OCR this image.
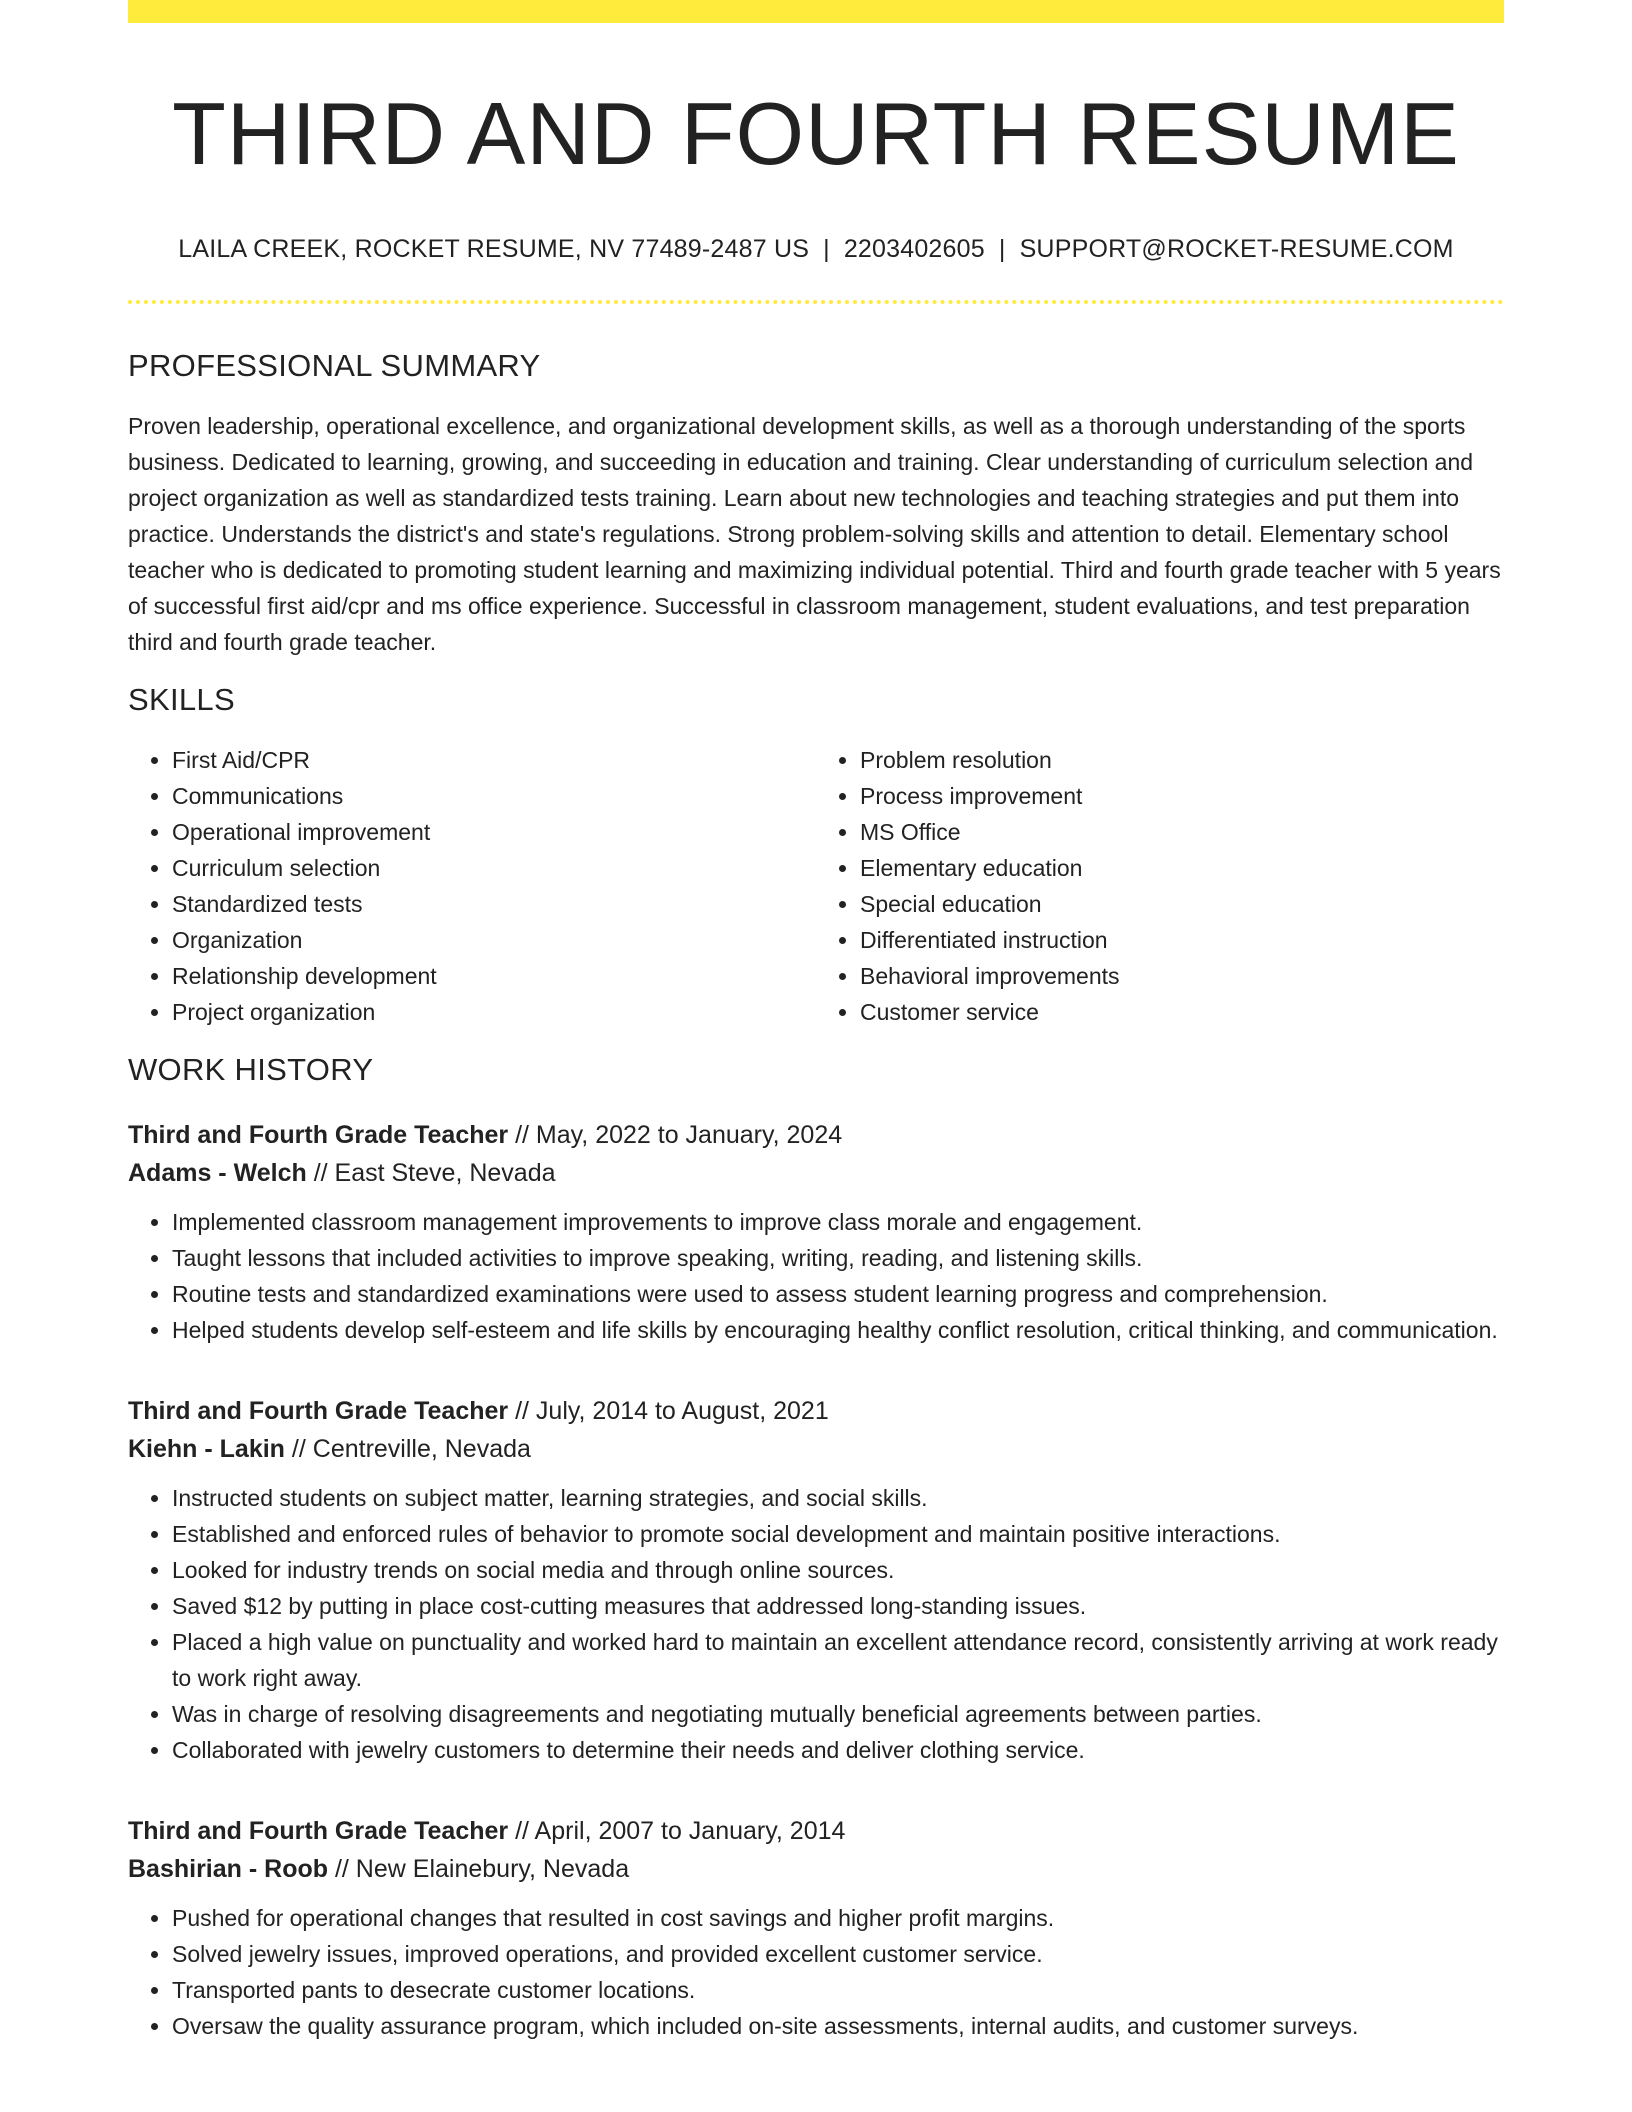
THIRD AND FOURTH RESUME
LAILA CREEK, ROCKET RESUME, NV 77489-2487 US | 2203402605 | SUPPORT@ROCKET-RESUME.COM
PROFESSIONAL SUMMARY

Proven leadership, operational excellence, and organizational development skills, as well as a thorough understanding of the sports business. Dedicated to learning, growing, and succeeding in education and training. Clear understanding of curriculum selection and project organization as well as standardized tests training. Learn about new technologies and teaching strategies and put them into practice. Understands the district's and state's regulations. Strong problem-solving skills and attention to detail. Elementary school teacher who is dedicated to promoting student learning and maximizing individual potential. Third and fourth grade teacher with 5 years of successful first aid/cpr and ms office experience. Successful in classroom management, student evaluations, and test preparation third and fourth grade teacher.

SKILLS
• First Aid/CPR
• Communications
• Operational improvement
• Curriculum selection
• Standardized tests
• Organization
• Relationship development
• Project organization
• Problem resolution
• Process improvement
• MS Office
• Elementary education
• Special education
• Differentiated instruction
• Behavioral improvements
• Customer service
WORK HISTORY
Third and Fourth Grade Teacher // May, 2022 to January, 2024
Adams - Welch // East Steve, Nevada
• Implemented classroom management improvements to improve class morale and engagement.
• Taught lessons that included activities to improve speaking, writing, reading, and listening skills.
• Routine tests and standardized examinations were used to assess student learning progress and comprehension.
• Helped students develop self-esteem and life skills by encouraging healthy conflict resolution, critical thinking, and communication.
Third and Fourth Grade Teacher // July, 2014 to August, 2021
Kiehn - Lakin // Centreville, Nevada
• Instructed students on subject matter, learning strategies, and social skills.
• Established and enforced rules of behavior to promote social development and maintain positive interactions.
• Looked for industry trends on social media and through online sources.
• Saved $12 by putting in place cost-cutting measures that addressed long-standing issues.
• Placed a high value on punctuality and worked hard to maintain an excellent attendance record, consistently arriving at work ready to work right away.
• Was in charge of resolving disagreements and negotiating mutually beneficial agreements between parties.
• Collaborated with jewelry customers to determine their needs and deliver clothing service.
Third and Fourth Grade Teacher // April, 2007 to January, 2014
Bashirian - Roob // New Elainebury, Nevada
• Pushed for operational changes that resulted in cost savings and higher profit margins.
• Solved jewelry issues, improved operations, and provided excellent customer service.
• Transported pants to desecrate customer locations.
• Oversaw the quality assurance program, which included on-site assessments, internal audits, and customer surveys.
